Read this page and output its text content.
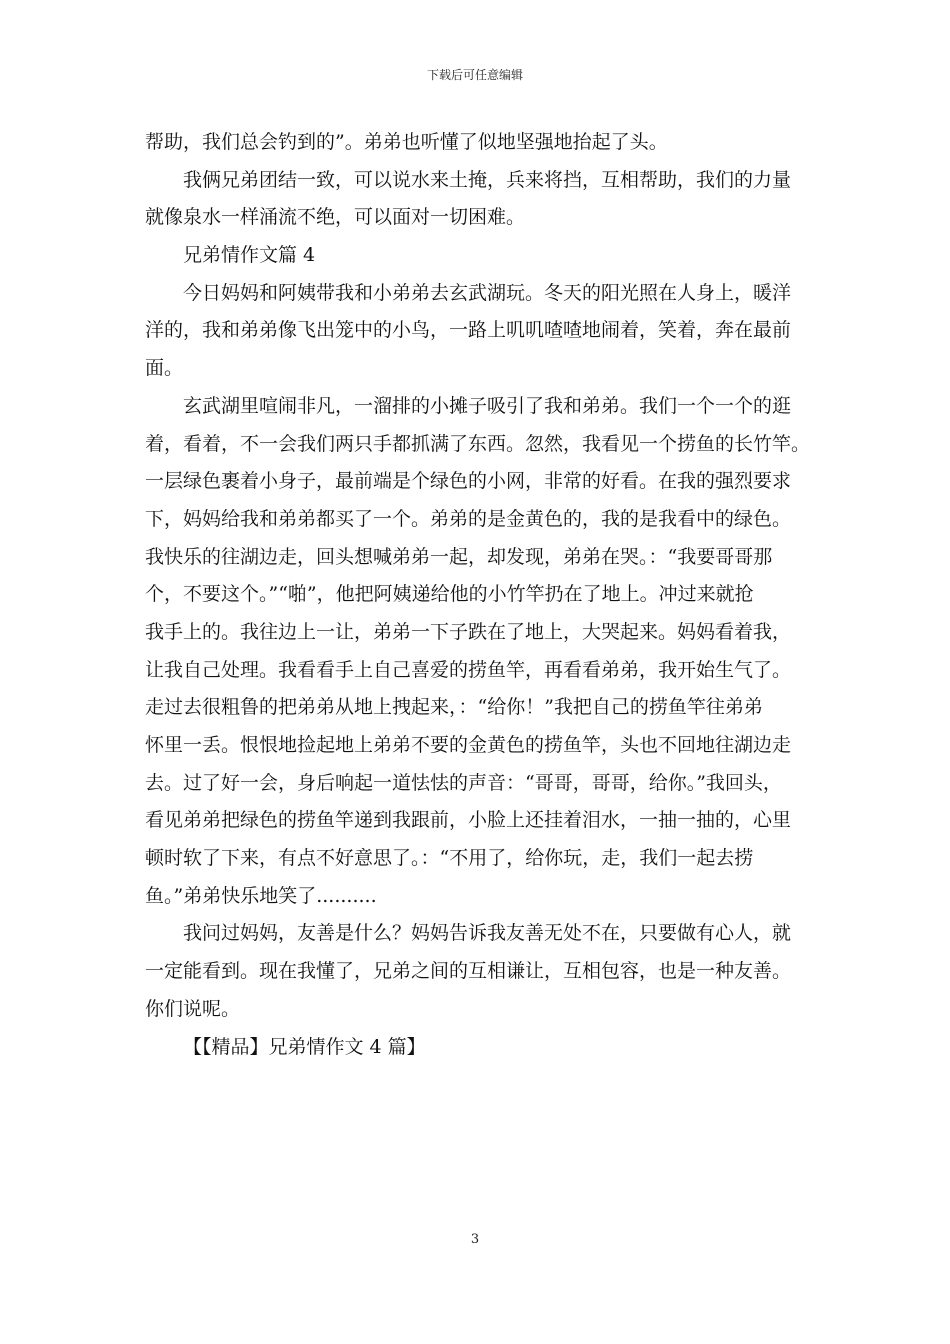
下载后可任意编辑
帮助，我们总会钓到的”。弟弟也听懂了似地坚强地抬起了头。
我俩兄弟团结一致，可以说水来土掩，兵来将挡，互相帮助，我们的力量
就像泉水一样涌流不绝，可以面对一切困难。
兄弟情作文篇 4
今日妈妈和阿姨带我和小弟弟去玄武湖玩。冬天的阳光照在人身上，暖洋
洋的，我和弟弟像飞出笼中的小鸟，一路上叽叽喳喳地闹着，笑着，奔在最前
面。
玄武湖里喧闹非凡，一溜排的小摊子吸引了我和弟弟。我们一个一个的逛
着，看着，不一会我们两只手都抓满了东西。忽然，我看见一个捞鱼的长竹竿。
一层绿色裹着小身子，最前端是个绿色的小网，非常的好看。在我的强烈要求
下，妈妈给我和弟弟都买了一个。弟弟的是金黄色的，我的是我看中的绿色。
我快乐的往湖边走，回头想喊弟弟一起，却发现，弟弟在哭。：“我要哥哥那
个，不要这个。”“啪”，他把阿姨递给他的小竹竿扔在了地上。冲过来就抢
我手上的。我往边上一让，弟弟一下子跌在了地上，大哭起来。妈妈看着我，
让我自己处理。我看看手上自己喜爱的捞鱼竿，再看看弟弟，我开始生气了。
走过去很粗鲁的把弟弟从地上拽起来，：“给你！”我把自己的捞鱼竿往弟弟
怀里一丢。恨恨地捡起地上弟弟不要的金黄色的捞鱼竿，头也不回地往湖边走
去。过了好一会，身后响起一道怯怯的声音：“哥哥，哥哥，给你。”我回头，
看见弟弟把绿色的捞鱼竿递到我跟前，小脸上还挂着泪水，一抽一抽的，心里
顿时软了下来，有点不好意思了。：“不用了，给你玩，走，我们一起去捞
鱼。”弟弟快乐地笑了..........
我问过妈妈，友善是什么？妈妈告诉我友善无处不在，只要做有心人，就
一定能看到。现在我懂了，兄弟之间的互相谦让，互相包容，也是一种友善。
你们说呢。
【【精品】兄弟情作文 4 篇】
3
